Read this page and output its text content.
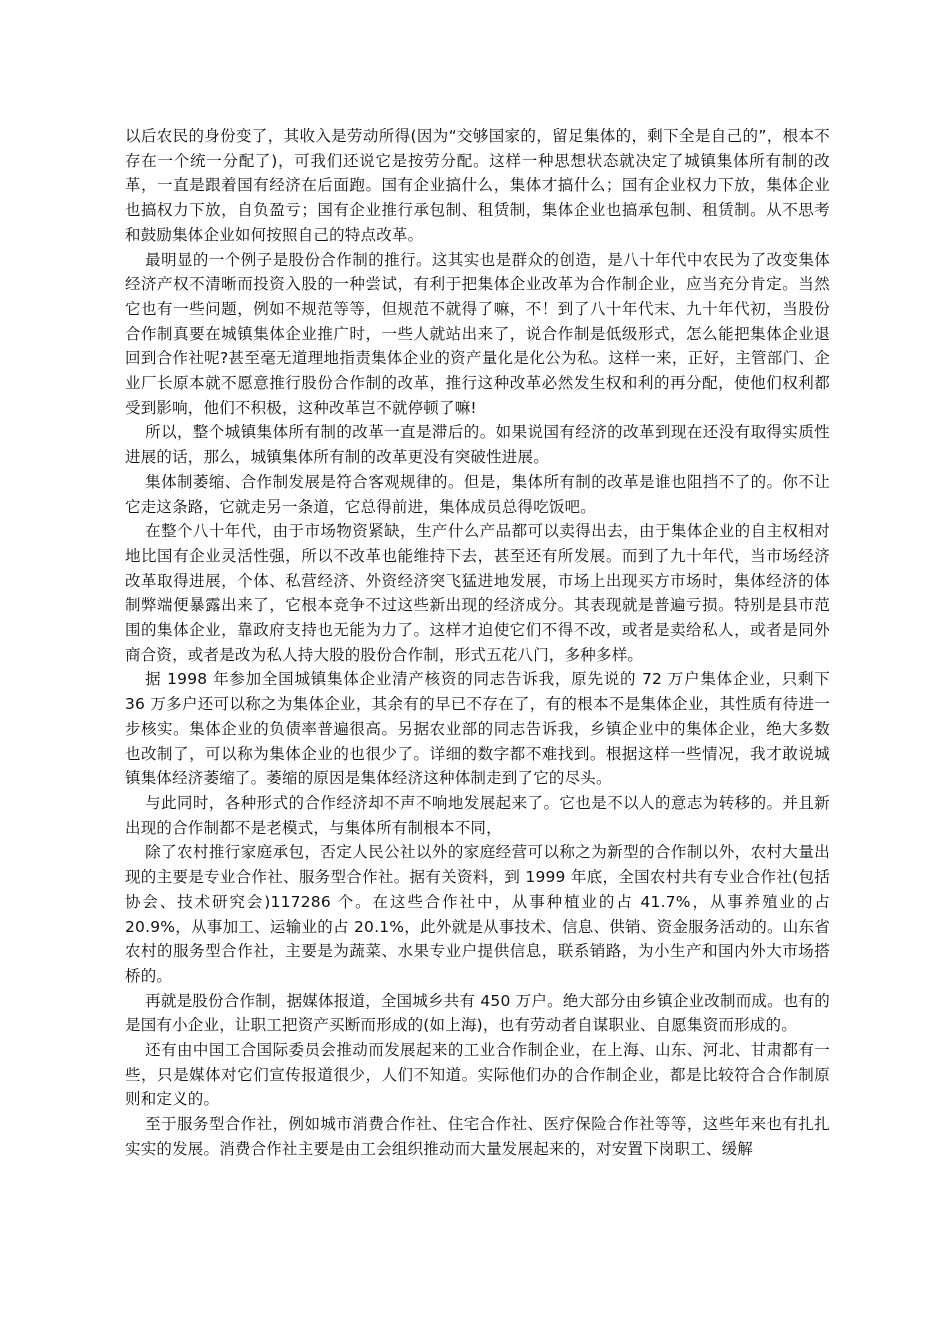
以后农民的身份变了，其收入是劳动所得(因为“交够国家的，留足集体的，剩下全是自己的”，根本不存在一个统一分配了)，可我们还说它是按劳分配。这样一种思想状态就决定了城镇集体所有制的改革，一直是跟着国有经济在后面跑。国有企业搞什么，集体才搞什么；国有企业权力下放，集体企业也搞权力下放，自负盈亏；国有企业推行承包制、租赁制，集体企业也搞承包制、租赁制。从不思考和鼓励集体企业如何按照自己的特点改革。

最明显的一个例子是股份合作制的推行。这其实也是群众的创造，是八十年代中农民为了改变集体经济产权不清晰而投资入股的一种尝试，有利于把集体企业改革为合作制企业，应当充分肯定。当然它也有一些问题，例如不规范等等，但规范不就得了嘛，不！到了八十年代末、九十年代初，当股份合作制真要在城镇集体企业推广时，一些人就站出来了，说合作制是低级形式，怎么能把集体企业退回到合作社呢?甚至毫无道理地指责集体企业的资产量化是化公为私。这样一来，正好，主管部门、企业厂长原本就不愿意推行股份合作制的改革，推行这种改革必然发生权和利的再分配，使他们权利都受到影响，他们不积极，这种改革岂不就停顿了嘛!

所以，整个城镇集体所有制的改革一直是滞后的。如果说国有经济的改革到现在还没有取得实质性进展的话，那么，城镇集体所有制的改革更没有突破性进展。

集体制萎缩、合作制发展是符合客观规律的。但是，集体所有制的改革是谁也阻挡不了的。你不让它走这条路，它就走另一条道，它总得前进，集体成员总得吃饭吧。

在整个八十年代，由于市场物资紧缺，生产什么产品都可以卖得出去，由于集体企业的自主权相对地比国有企业灵活性强，所以不改革也能维持下去，甚至还有所发展。而到了九十年代，当市场经济改革取得进展，个体、私营经济、外资经济突飞猛进地发展，市场上出现买方市场时，集体经济的体制弊端便暴露出来了，它根本竞争不过这些新出现的经济成分。其表现就是普遍亏损。特别是县市范围的集体企业，靠政府支持也无能为力了。这样才迫使它们不得不改，或者是卖给私人，或者是同外商合资，或者是改为私人持大股的股份合作制，形式五花八门，多种多样。

据 1998 年参加全国城镇集体企业清产核资的同志告诉我，原先说的 72 万户集体企业，只剩下 36 万多户还可以称之为集体企业，其余有的早已不存在了，有的根本不是集体企业，其性质有待进一步核实。集体企业的负债率普遍很高。另据农业部的同志告诉我，乡镇企业中的集体企业，绝大多数也改制了，可以称为集体企业的也很少了。详细的数字都不难找到。根据这样一些情况，我才敢说城镇集体经济萎缩了。萎缩的原因是集体经济这种体制走到了它的尽头。

与此同时，各种形式的合作经济却不声不响地发展起来了。它也是不以人的意志为转移的。并且新出现的合作制都不是老模式，与集体所有制根本不同，

除了农村推行家庭承包，否定人民公社以外的家庭经营可以称之为新型的合作制以外，农村大量出现的主要是专业合作社、服务型合作社。据有关资料，到 1999 年底，全国农村共有专业合作社(包括协会、技术研究会)117286 个。在这些合作社中，从事种植业的占 41.7%，从事养殖业的占 20.9%，从事加工、运输业的占 20.1%，此外就是从事技术、信息、供销、资金服务活动的。山东省农村的服务型合作社，主要是为蔬菜、水果专业户提供信息，联系销路，为小生产和国内外大市场搭桥的。

再就是股份合作制，据媒体报道，全国城乡共有 450 万户。绝大部分由乡镇企业改制而成。也有的是国有小企业，让职工把资产买断而形成的(如上海)，也有劳动者自谋职业、自愿集资而形成的。

还有由中国工合国际委员会推动而发展起来的工业合作制企业，在上海、山东、河北、甘肃都有一些，只是媒体对它们宣传报道很少，人们不知道。实际他们办的合作制企业，都是比较符合合作制原则和定义的。

至于服务型合作社，例如城市消费合作社、住宅合作社、医疗保险合作社等等，这些年来也有扎扎实实的发展。消费合作社主要是由工会组织推动而大量发展起来的，对安置下岗职工、缓解
